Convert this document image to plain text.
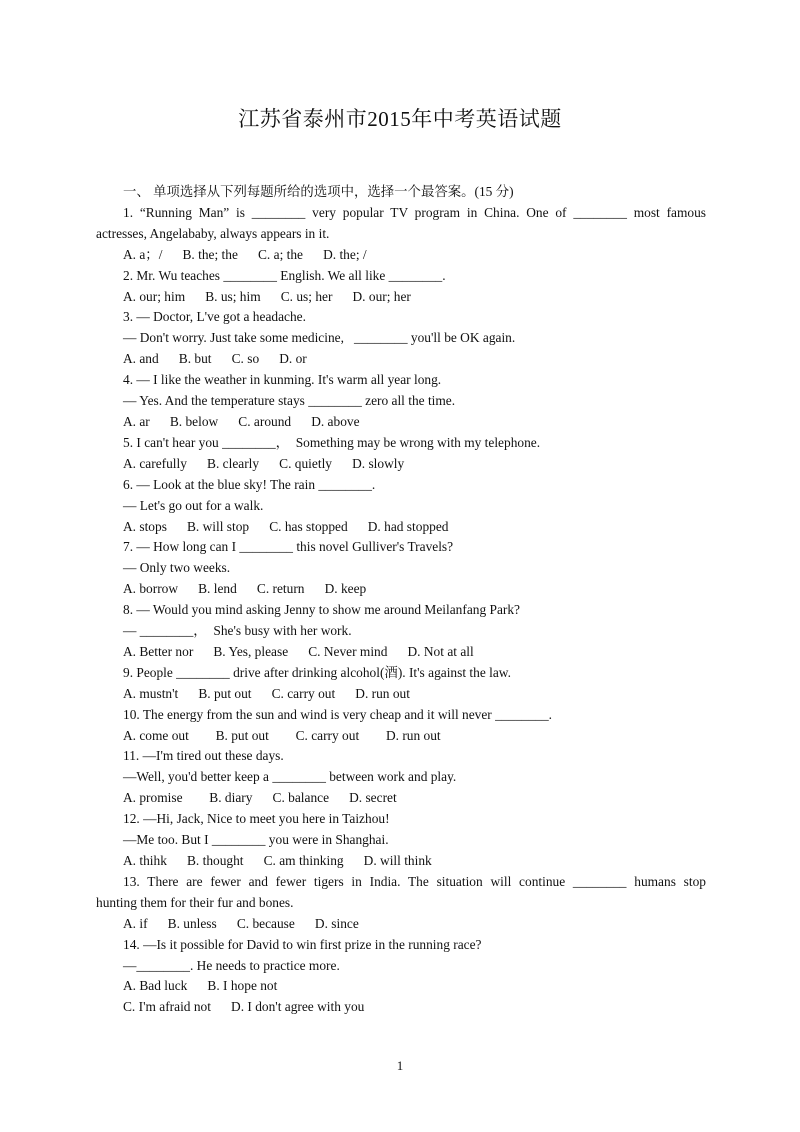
江苏省泰州市2015年中考英语试题
一、 单项选择从下列每题所给的选项中，选择一个最答案。(15 分)
1. “Running Man” is ________ very popular TV program in China. One of ________ most famous
actresses, Angelababy, always appears in it.
A. a；/      B. the; the      C. a; the      D. the; /
2. Mr. Wu teaches ________ English. We all like ________.
A. our; him      B. us; him      C. us; her      D. our; her
3. — Doctor, L've got a headache.
— Don't worry. Just take some medicine,   ________ you'll be OK again.
A. and      B. but      C. so      D. or
4. — I like the weather in kunming. It's warm all year long.
— Yes. And the temperature stays ________ zero all the time.
A. ar      B. below      C. around      D. above
5. I can't hear you ________，  Something may be wrong with my telephone.
A. carefully      B. clearly      C. quietly      D. slowly
6. — Look at the blue sky! The rain ________.
— Let's go out for a walk.
A. stops      B. will stop      C. has stopped      D. had stopped
7. — How long can I ________ this novel Gulliver's Travels?
— Only two weeks.
A. borrow      B. lend      C. return      D. keep
8. — Would you mind asking Jenny to show me around Meilanfang Park?
— ________，  She's busy with her work.
A. Better nor      B. Yes, please      C. Never mind      D. Not at all
9. People ________ drive after drinking alcohol(酒). It's against the law.
A. mustn't      B. put out      C. carry out      D. run out
10. The energy from the sun and wind is very cheap and it will never ________.
A. come out        B. put out        C. carry out        D. run out
11. —I'm tired out these days.
—Well, you'd better keep a ________ between work and play.
A. promise        B. diary      C. balance      D. secret
12. —Hi, Jack, Nice to meet you here in Taizhou!
—Me too. But I ________ you were in Shanghai.
A. thihk      B. thought      C. am thinking      D. will think
13. There are fewer and fewer tigers in India. The situation will continue ________ humans stop
hunting them for their fur and bones.
A. if      B. unless      C. because      D. since
14. —Is it possible for David to win first prize in the running race?
—________. He needs to practice more.
A. Bad luck      B. I hope not
C. I'm afraid not      D. I don't agree with you
1
